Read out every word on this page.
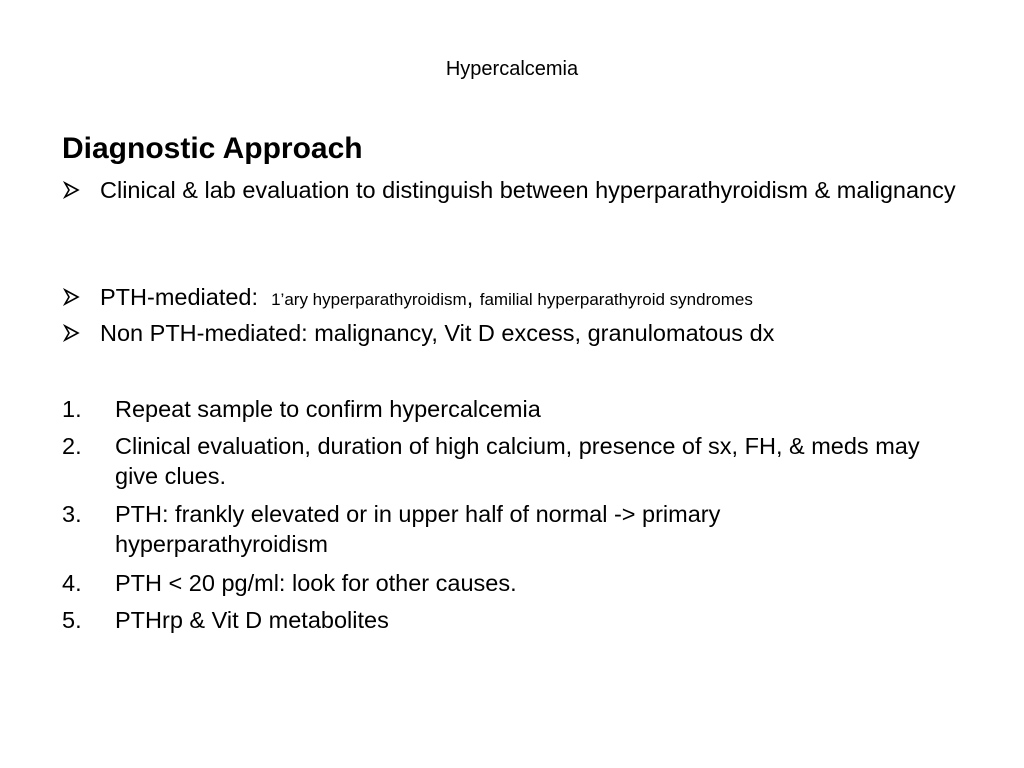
Hypercalcemia
Diagnostic Approach
Clinical & lab evaluation to distinguish between hyperparathyroidism & malignancy
PTH-mediated:  1’ary hyperparathyroidism, familial hyperparathyroid syndromes
Non PTH-mediated: malignancy, Vit D excess, granulomatous dx
1.	Repeat sample to confirm hypercalcemia
2.	Clinical evaluation, duration of high calcium, presence of sx, FH, & meds may give clues.
3.	PTH: frankly elevated or in upper half of normal -> primary hyperparathyroidism
4.	PTH < 20 pg/ml: look for other causes.
5.	PTHrp & Vit D metabolites
